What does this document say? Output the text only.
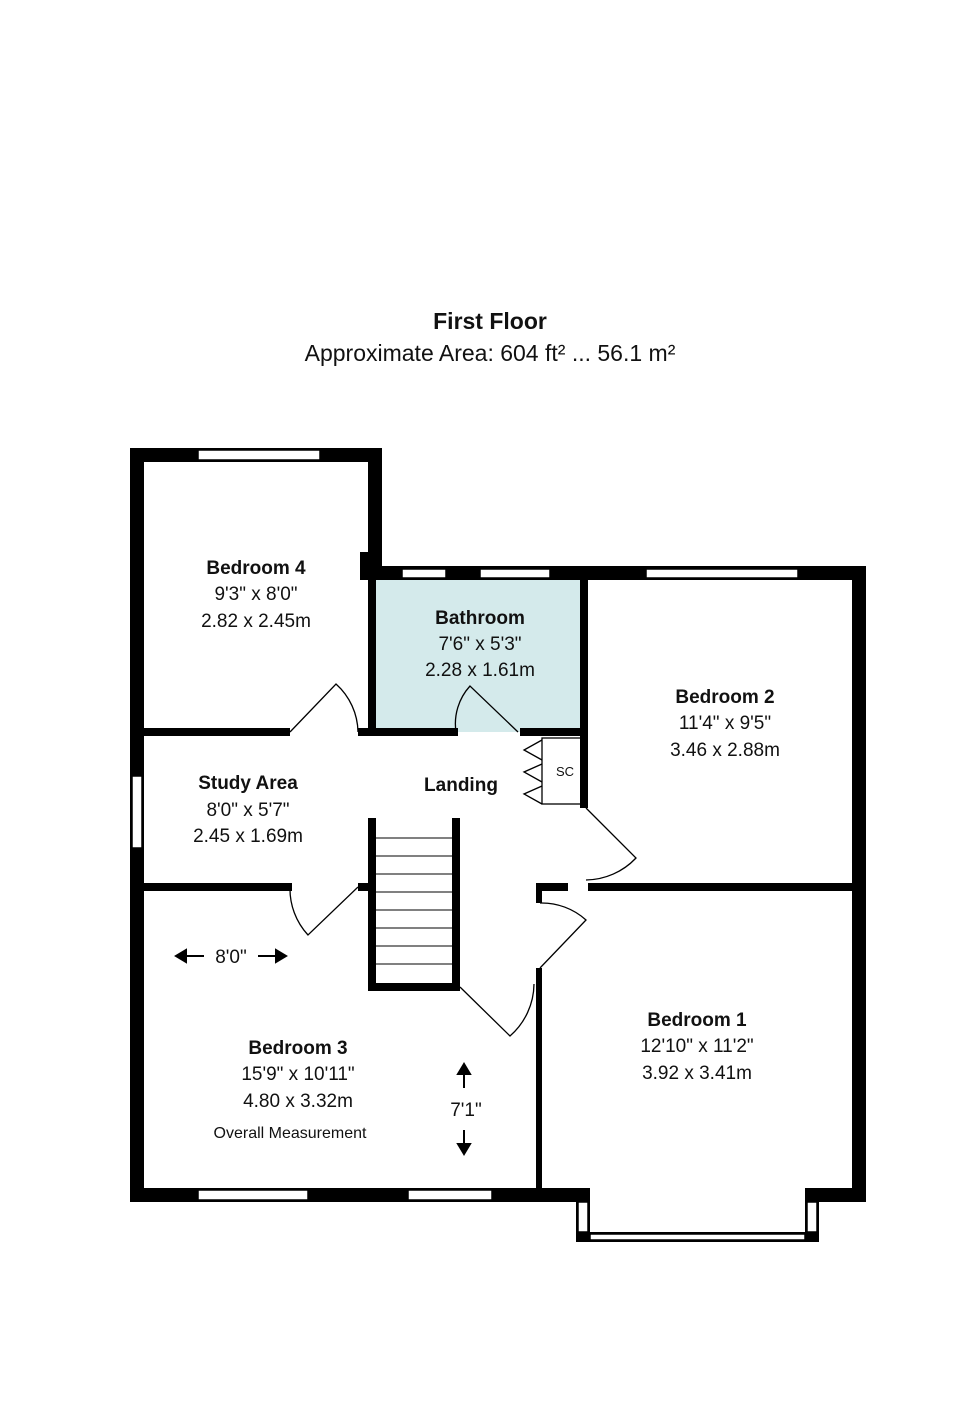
First Floor
Approximate Area: 604 ft² ... 56.1 m²
Bedroom 4
9'3" x 8'0"
2.82 x 2.45m	Bathroom
7'6" x 5'3"
2.28 x 1.61m
Bedroom 2
11'4" x 9'5"
3.46 x 2.88m
Study Area
8'0" x 5'7"
2.45 x 1.69m
Landing
SC
8'0"
7'1"
Bedroom 3
15'9" x 10'11"
4.80 x 3.32m
Overall Measurement
Bedroom 1
12'10" x 11'2"
3.92 x 3.41m
